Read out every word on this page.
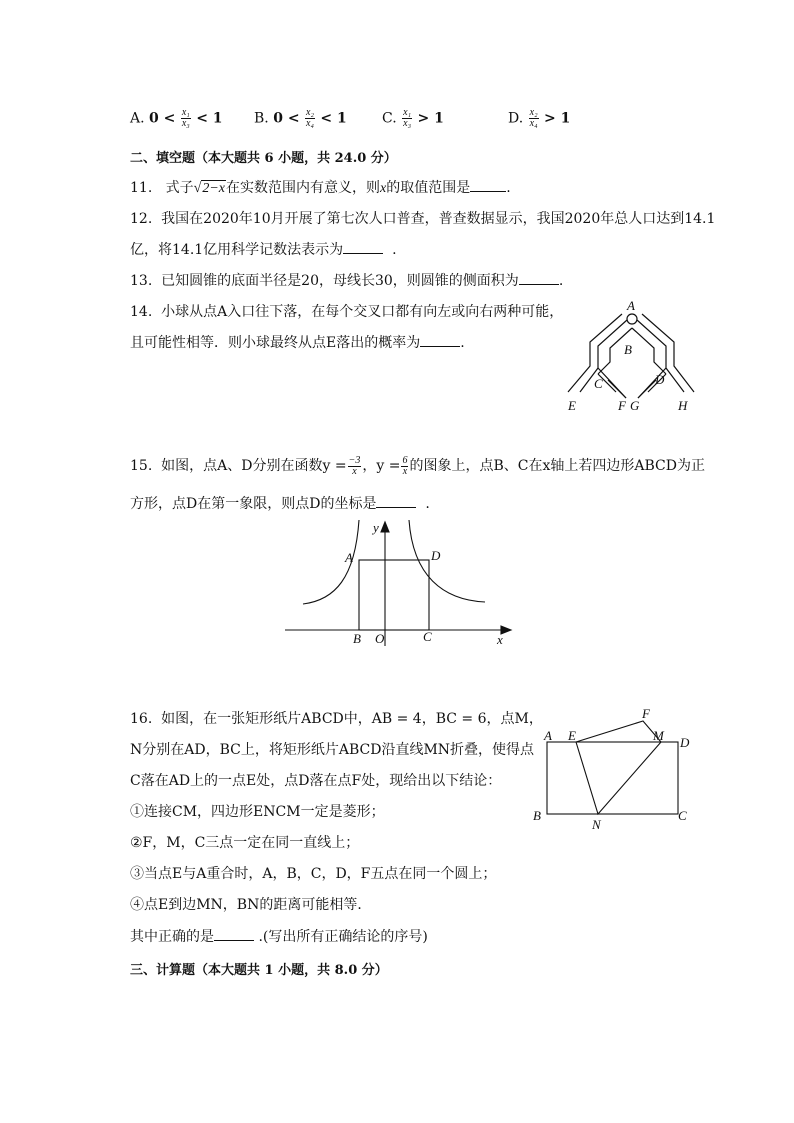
A. $0 < \frac{\text{x₁}}{\text{x₃}} < 1$ B. $0 < \frac{\text{x₂}}{\text{x₄}} < 1$	C. $\frac{\text{x₁}}{\text{x₃}} > 1$	D. $\frac{\text{x₂}}{\text{x₄}} > 1$
二、填空题（本大题共 6 小题，共 24.0 分）
11. 式子√2−x在实数范围内有意义，则x的取值范围是	.
12. 我国在2020年10月开展了第七次人口普查，普查数据显示，我国2020年总人口达到14.1
亿，将14.1亿用科学记数法表示为	.
13. 已知圆锥的底面半径是20，母线长30，则圆锥的侧面积为	.
14. 小球从点A入口往下落，在每个交叉口都有向左或向右两种可能，
且可能性相等．则小球最终从点E落出的概率为	.
A
B
C	D
E	F G	H
15. 如图，点A、D分别在函数$y = \frac{-3}{x}$ ，$y = \frac{6}{x}$ 的图象上，点B、C在x轴上若四边形ABCD为正
方形，点D在第一象限，则点D的坐标是	.
A	D
B O	C	x
y
16. 如图，在一张矩形纸片ABCD中，AB = 4，BC = 6，点M，
N分别在AD，BC上，将矩形纸片ABCD沿直线MN折叠，使得点
C落在AD上的一点E处，点D落在点F处，现给出以下结论：
①连接CM，四边形ENCM一定是菱形；
②F，M，C三点一定在同一直线上；
③当点E与A重合时，A，B，C，D，F五点在同一个圆上；
④点E到边MN，BN的距离可能相等．
其中正确的是	.(写出所有正确结论的序号)
A E
F
M D
B
N
C
三、计算题（本大题共 1 小题，共 8.0 分）
